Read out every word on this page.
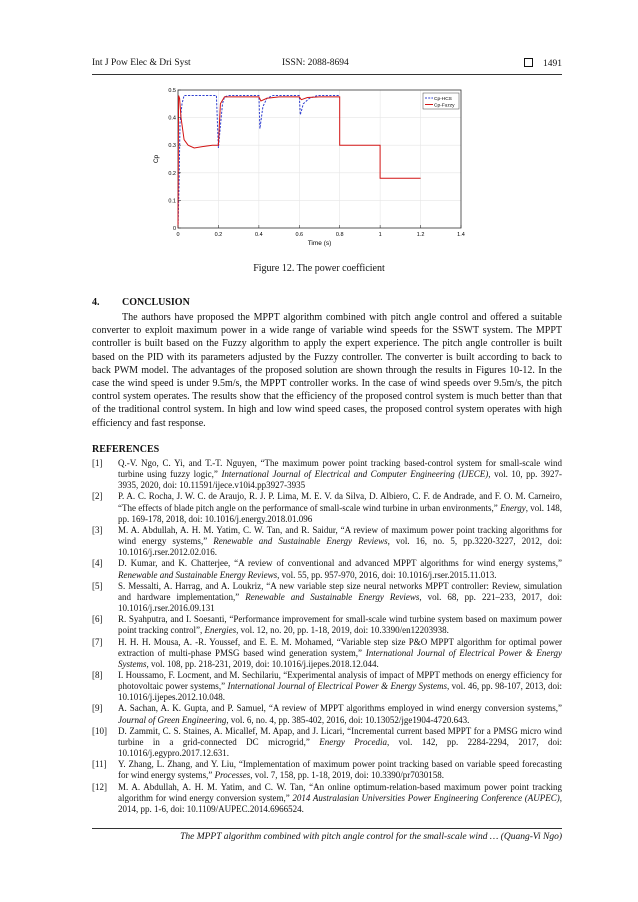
Int J Pow Elec & Dri Syst	ISSN: 2088-8694	1491
0	0.2	0.4	0.6	0.8	1	1.2	1.4
0
0.1
0.2
0.3
0.4
0.5
Time (s)
Cp
Cp-HCS
Cp-Fuzzy
Figure 12. The power coefficient
4. CONCLUSION
The authors have proposed the MPPT algorithm combined with pitch angle control and offered a suitable converter to exploit maximum power in a wide range of variable wind speeds for the SSWT system. The MPPT controller is built based on the Fuzzy algorithm to apply the expert experience. The pitch angle controller is built based on the PID with its parameters adjusted by the Fuzzy controller. The converter is built according to back to back PWM model. The advantages of the proposed solution are shown through the results in Figures 10-12. In the case the wind speed is under 9.5m/s, the MPPT controller works. In the case of wind speeds over 9.5m/s, the pitch control system operates. The results show that the efficiency of the proposed control system is much better than that of the traditional control system. In high and low wind speed cases, the proposed control system operates with high efficiency and fast response.
REFERENCES
[1] Q.-V. Ngo, C. Yi, and T.-T. Nguyen, “The maximum power point tracking based-control system for small-scale wind turbine using fuzzy logic,” International Journal of Electrical and Computer Engineering (IJECE), vol. 10, pp. 3927-3935, 2020, doi: 10.11591/ijece.v10i4.pp3927-3935
[2] P. A. C. Rocha, J. W. C. de Araujo, R. J. P. Lima, M. E. V. da Silva, D. Albiero, C. F. de Andrade, and F. O. M. Carneiro, “The effects of blade pitch angle on the performance of small-scale wind turbine in urban environments,” Energy, vol. 148, pp. 169-178, 2018, doi: 10.1016/j.energy.2018.01.096
[3] M. A. Abdullah, A. H. M. Yatim, C. W. Tan, and R. Saidur, “A review of maximum power point tracking algorithms for wind energy systems,” Renewable and Sustainable Energy Reviews, vol. 16, no. 5, pp.3220-3227, 2012, doi: 10.1016/j.rser.2012.02.016.
[4] D. Kumar, and K. Chatterjee, “A review of conventional and advanced MPPT algorithms for wind energy systems,” Renewable and Sustainable Energy Reviews, vol. 55, pp. 957-970, 2016, doi: 10.1016/j.rser.2015.11.013.
[5] S. Messalti, A. Harrag, and A. Loukriz, “A new variable step size neural networks MPPT controller: Review, simulation and hardware implementation,” Renewable and Sustainable Energy Reviews, vol. 68, pp. 221–233, 2017, doi: 10.1016/j.rser.2016.09.131
[6] R. Syahputra, and I. Soesanti, “Performance improvement for small-scale wind turbine system based on maximum power point tracking control”, Energies, vol. 12, no. 20, pp. 1-18, 2019, doi: 10.3390/en12203938.
[7] H. H. H. Mousa, A. -R. Youssef, and E. E. M. Mohamed, “Variable step size P&O MPPT algorithm for optimal power extraction of multi-phase PMSG based wind generation system,” International Journal of Electrical Power & Energy Systems, vol. 108, pp. 218-231, 2019, doi: 10.1016/j.ijepes.2018.12.044.
[8] I. Houssamo, F. Locment, and M. Sechilariu, “Experimental analysis of impact of MPPT methods on energy efficiency for photovoltaic power systems,” International Journal of Electrical Power & Energy Systems, vol. 46, pp. 98-107, 2013, doi: 10.1016/j.ijepes.2012.10.048.
[9] A. Sachan, A. K. Gupta, and P. Samuel, “A review of MPPT algorithms employed in wind energy conversion systems,” Journal of Green Engineering, vol. 6, no. 4, pp. 385-402, 2016, doi: 10.13052/jge1904-4720.643.
[10] D. Zammit, C. S. Staines, A. Micallef, M. Apap, and J. Licari, “Incremental current based MPPT for a PMSG micro wind turbine in a grid-connected DC microgrid,” Energy Procedia, vol. 142, pp. 2284-2294, 2017, doi: 10.1016/j.egypro.2017.12.631.
[11] Y. Zhang, L. Zhang, and Y. Liu, “Implementation of maximum power point tracking based on variable speed forecasting for wind energy systems,” Processes, vol. 7, 158, pp. 1-18, 2019, doi: 10.3390/pr7030158.
[12] M. A. Abdullah, A. H. M. Yatim, and C. W. Tan, “An online optimum-relation-based maximum power point tracking algorithm for wind energy conversion system,” 2014 Australasian Universities Power Engineering Conference (AUPEC), 2014, pp. 1-6, doi: 10.1109/AUPEC.2014.6966524.
The MPPT algorithm combined with pitch angle control for the small-scale wind … (Quang-Vi Ngo)
